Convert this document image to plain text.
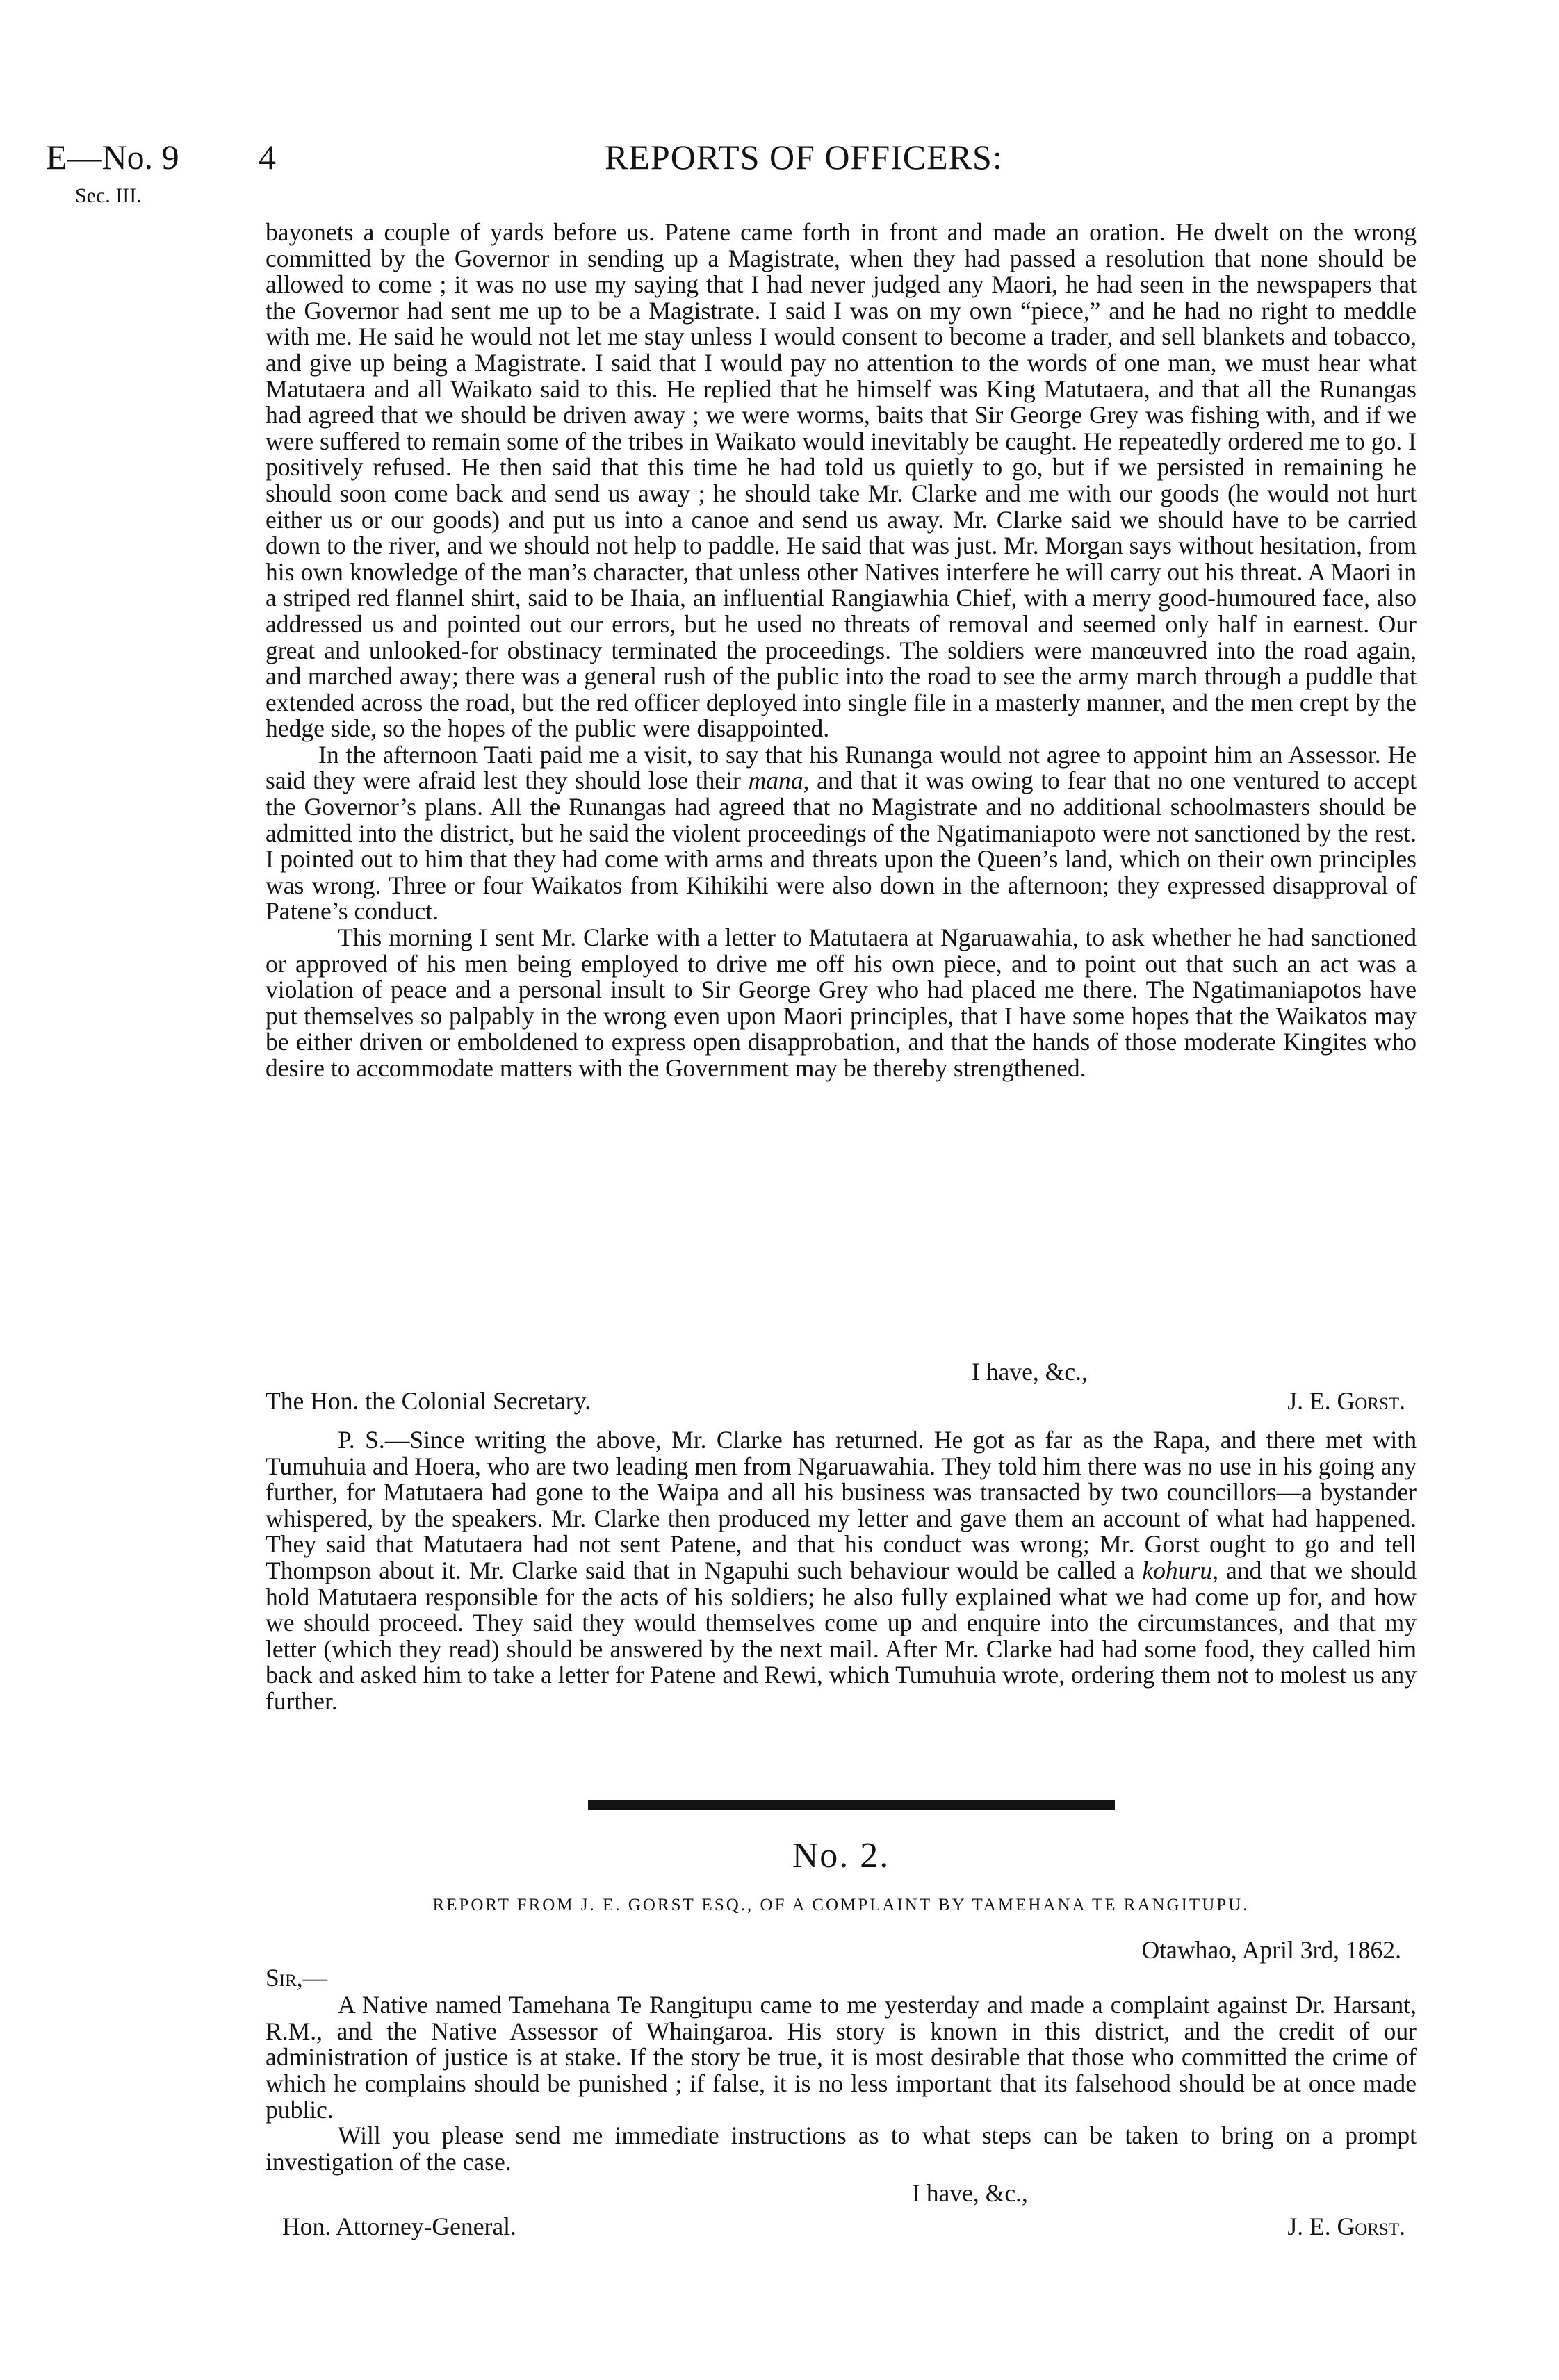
E—No. 9 4	REPORTS OF OFFICERS:
Sec. III.

bayonets a couple of yards before us. Patene came forth in front and made an oration. He dwelt on the wrong committed by the Governor in sending up a Magistrate, when they had passed a resolution that none should be allowed to come ; it was no use my saying that I had never judged any Maori, he had seen in the newspapers that the Governor had sent me up to be a Magistrate. I said I was on my own “piece,” and he had no right to meddle with me. He said he would not let me stay unless I would consent to become a trader, and sell blankets and tobacco, and give up being a Magistrate. I said that I would pay no attention to the words of one man, we must hear what Matutaera and all Waikato said to this. He replied that he himself was King Matutaera, and that all the Runangas had agreed that we should be driven away ; we were worms, baits that Sir George Grey was fishing with, and if we were suffered to remain some of the tribes in Waikato would inevitably be caught. He repeatedly ordered me to go. I positively refused. He then said that this time he had told us quietly to go, but if we persisted in remaining he should soon come back and send us away ; he should take Mr. Clarke and me with our goods (he would not hurt either us or our goods) and put us into a canoe and send us away. Mr. Clarke said we should have to be carried down to the river, and we should not help to paddle. He said that was just. Mr. Morgan says without hesitation, from his own knowledge of the man’s character, that unless other Natives interfere he will carry out his threat. A Maori in a striped red flannel shirt, said to be Ihaia, an influential Rangiawhia Chief, with a merry good-humoured face, also addressed us and pointed out our errors, but he used no threats of removal and seemed only half in earnest. Our great and unlooked-for obstinacy terminated the proceedings. The soldiers were manœuvred into the road again, and marched away; there was a general rush of the public into the road to see the army march through a puddle that extended across the road, but the red officer deployed into single file in a masterly manner, and the men crept by the hedge side, so the hopes of the public were disappointed.

In the afternoon Taati paid me a visit, to say that his Runanga would not agree to appoint him an Assessor. He said they were afraid lest they should lose their mana, and that it was owing to fear that no one ventured to accept the Governor’s plans. All the Runangas had agreed that no Magistrate and no additional schoolmasters should be admitted into the district, but he said the violent proceedings of the Ngatimaniapoto were not sanctioned by the rest. I pointed out to him that they had come with arms and threats upon the Queen’s land, which on their own principles was wrong. Three or four Waikatos from Kihikihi were also down in the afternoon; they expressed disapproval of Patene’s conduct.

This morning I sent Mr. Clarke with a letter to Matutaera at Ngaruawahia, to ask whether he had sanctioned or approved of his men being employed to drive me off his own piece, and to point out that such an act was a violation of peace and a personal insult to Sir George Grey who had placed me there. The Ngatimaniapotos have put themselves so palpably in the wrong even upon Maori principles, that I have some hopes that the Waikatos may be either driven or emboldened to express open disapprobation, and that the hands of those moderate Kingites who desire to accommodate matters with the Government may be thereby strengthened.

I have, &c.,
The Hon. the Colonial Secretary.	J. E. Gorst.

P. S.—Since writing the above, Mr. Clarke has returned. He got as far as the Rapa, and there met with Tumuhuia and Hoera, who are two leading men from Ngaruawahia. They told him there was no use in his going any further, for Matutaera had gone to the Waipa and all his business was transacted by two councillors—a bystander whispered, by the speakers. Mr. Clarke then produced my letter and gave them an account of what had happened. They said that Matutaera had not sent Patene, and that his conduct was wrong; Mr. Gorst ought to go and tell Thompson about it. Mr. Clarke said that in Ngapuhi such behaviour would be called a kohuru, and that we should hold Matutaera responsible for the acts of his soldiers; he also fully explained what we had come up for, and how we should proceed. They said they would themselves come up and enquire into the circumstances, and that my letter (which they read) should be answered by the next mail. After Mr. Clarke had had some food, they called him back and asked him to take a letter for Patene and Rewi, which Tumuhuia wrote, ordering them not to molest us any further.

No. 2.
REPORT FROM J. E. GORST ESQ., OF A COMPLAINT BY TAMEHANA TE RANGITUPU.
Otawhao, April 3rd, 1862.
Sir,—

A Native named Tamehana Te Rangitupu came to me yesterday and made a complaint against Dr. Harsant, R.M., and the Native Assessor of Whaingaroa. His story is known in this district, and the credit of our administration of justice is at stake. If the story be true, it is most desirable that those who committed the crime of which he complains should be punished ; if false, it is no less important that its falsehood should be at once made public.

Will you please send me immediate instructions as to what steps can be taken to bring on a prompt investigation of the case.

I have, &c.,
Hon. Attorney-General.	J. E. Gorst.
